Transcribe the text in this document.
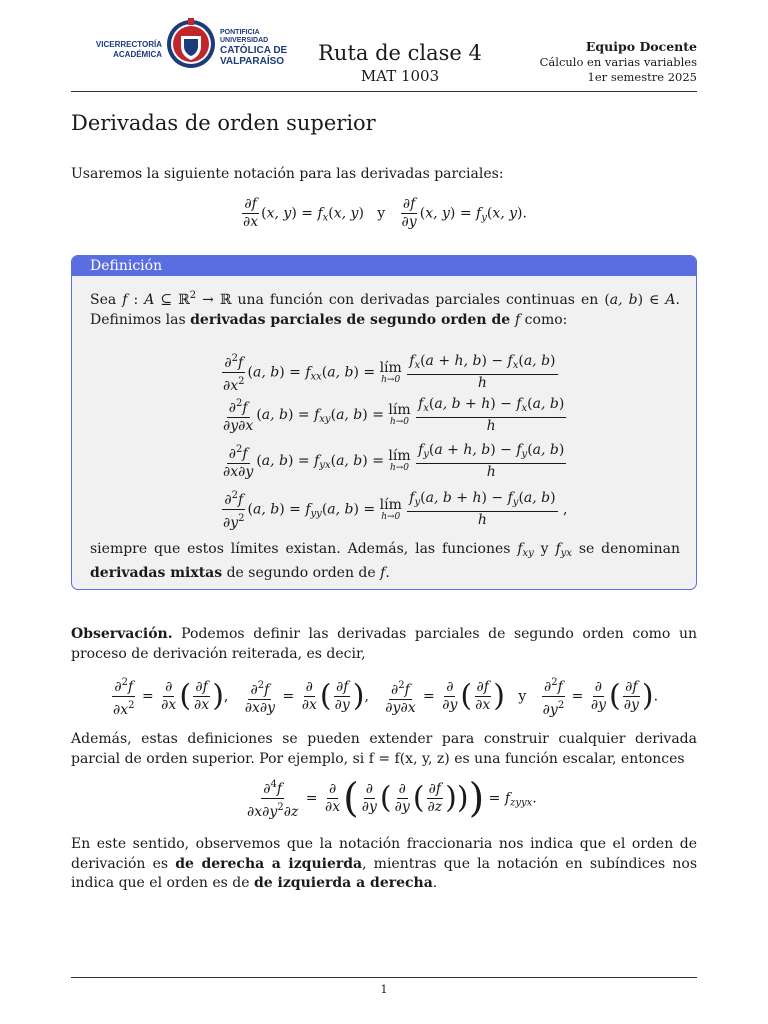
VICERRECTORÍA
ACADÉMICA
PONTIFICIA
UNIVERSIDAD
CATÓLICA DE
VALPARAÍSO	Ruta de clase 4
MAT 1003
Equipo Docente
Cálculo en varias variables
1er semestre 2025
Derivadas de orden superior
Usaremos la siguiente notación para las derivadas parciales:
$\frac{\partial f}{\partial x} (x$, $y) = f_x(x$, y)   y $\frac{\partial f}{\partial y} (x$, $y) = f_y(x$, y).
Definición
Sea f : A ⊆ ℝ$^2$ → ℝ una función con derivadas parciales continuas en (a, b) ∈ A. Definimos las derivadas parciales de segundo orden de f como:
$\frac{\partial^2f}{\partial x^2} (a$, $b) = f_{xx}(a$, b) = lím
h→0
$\frac{f_x(a + h, b) - f_x(a, b)}{h}$
$\frac{\partial^2f}{\partial y\partial x} (a$, $b) = f_{xy}(a$, b) = lím
h→0
$\frac{f_x(a, b + h) - f_x(a, b)}{h}$
$\frac{\partial^2f}{\partial x\partial y} (a$, $b) = f_{yx}(a$, b) = lím
h→0
$\frac{f_y(a + h, b) - f_y(a, b)}{h}$
$\frac{\partial^2f}{\partial y^2} (a$, $b) = f_{yy}(a$, b) = lím
h→0
$\frac{f_y(a, b + h) - f_y(a, b)}{h}$ ,
siempre que estos límites existan. Además, las funciones $f_{xy}$ y $f_{yx}$ se denominan derivadas mixtas de segundo orden de f.
Observación. Podemos definir las derivadas parciales de segundo orden como un proceso de derivación reiterada, es decir,
$\frac{\partial^2f}{\partial x^2} = \frac{\partial}{\partial x}$ ( $\frac{\partial f}{\partial x}$ ), $\frac{\partial^2f}{\partial x\partial y} = \frac{\partial}{\partial x}$ ( $\frac{\partial f}{\partial y}$ ), $\frac{\partial^2f}{\partial y\partial x} = \frac{\partial}{\partial y}$ ( $\frac{\partial f}{\partial x}$ ) y $\frac{\partial^2f}{\partial y^2} = \frac{\partial}{\partial y}$ ( $\frac{\partial f}{\partial y}$ ).
Además, estas definiciones se pueden extender para construir cualquier derivada parcial de orden superior. Por ejemplo, si f = f(x, y, z) es una función escalar, entonces
$\frac{\partial^4f}{\partial x\partial y^2\partial z} = \frac{\partial}{\partial x}$ ( $\frac{\partial}{\partial y}$ ( $\frac{\partial}{\partial y}$ ( $\frac{\partial f}{\partial z}$ ))) = $f_{zyyx}$.
En este sentido, observemos que la notación fraccionaria nos indica que el orden de derivación es de derecha a izquierda, mientras que la notación en subíndices nos indica que el orden es de de izquierda a derecha.
1
